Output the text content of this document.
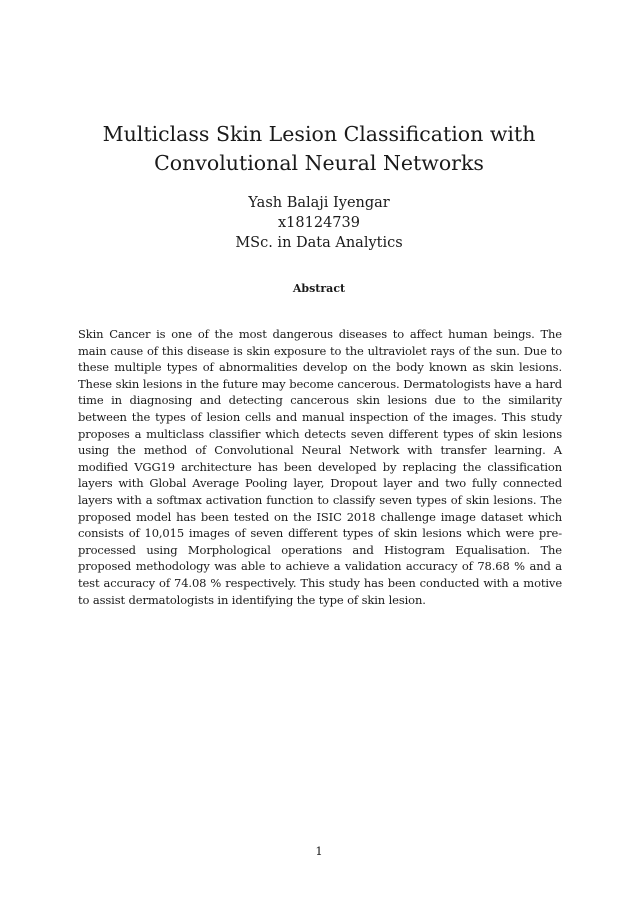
Multiclass Skin Lesion Classification with
Convolutional Neural Networks
Yash Balaji Iyengar
x18124739
MSc. in Data Analytics
Abstract

Skin Cancer is one of the most dangerous diseases to affect human beings. The main cause of this disease is skin exposure to the ultraviolet rays of the sun. Due to these multiple types of abnormalities develop on the body known as skin lesions. These skin lesions in the future may become cancerous. Dermatologists have a hard time in diagnosing and detecting cancerous skin lesions due to the similarity between the types of lesion cells and manual inspection of the images. This study proposes a multiclass classifier which detects seven different types of skin lesions using the method of Convolutional Neural Network with transfer learning. A modified VGG19 architecture has been developed by replacing the classification layers with Global Average Pooling layer, Dropout layer and two fully connected layers with a softmax activation function to classify seven types of skin lesions. The proposed model has been tested on the ISIC 2018 challenge image dataset which consists of 10,015 images of seven different types of skin lesions which were pre-processed using Morphological operations and Histogram Equalisation. The proposed methodology was able to achieve a validation accuracy of 78.68 % and a test accuracy of 74.08 % respectively. This study has been conducted with a motive to assist dermatologists in identifying the type of skin lesion.

1
